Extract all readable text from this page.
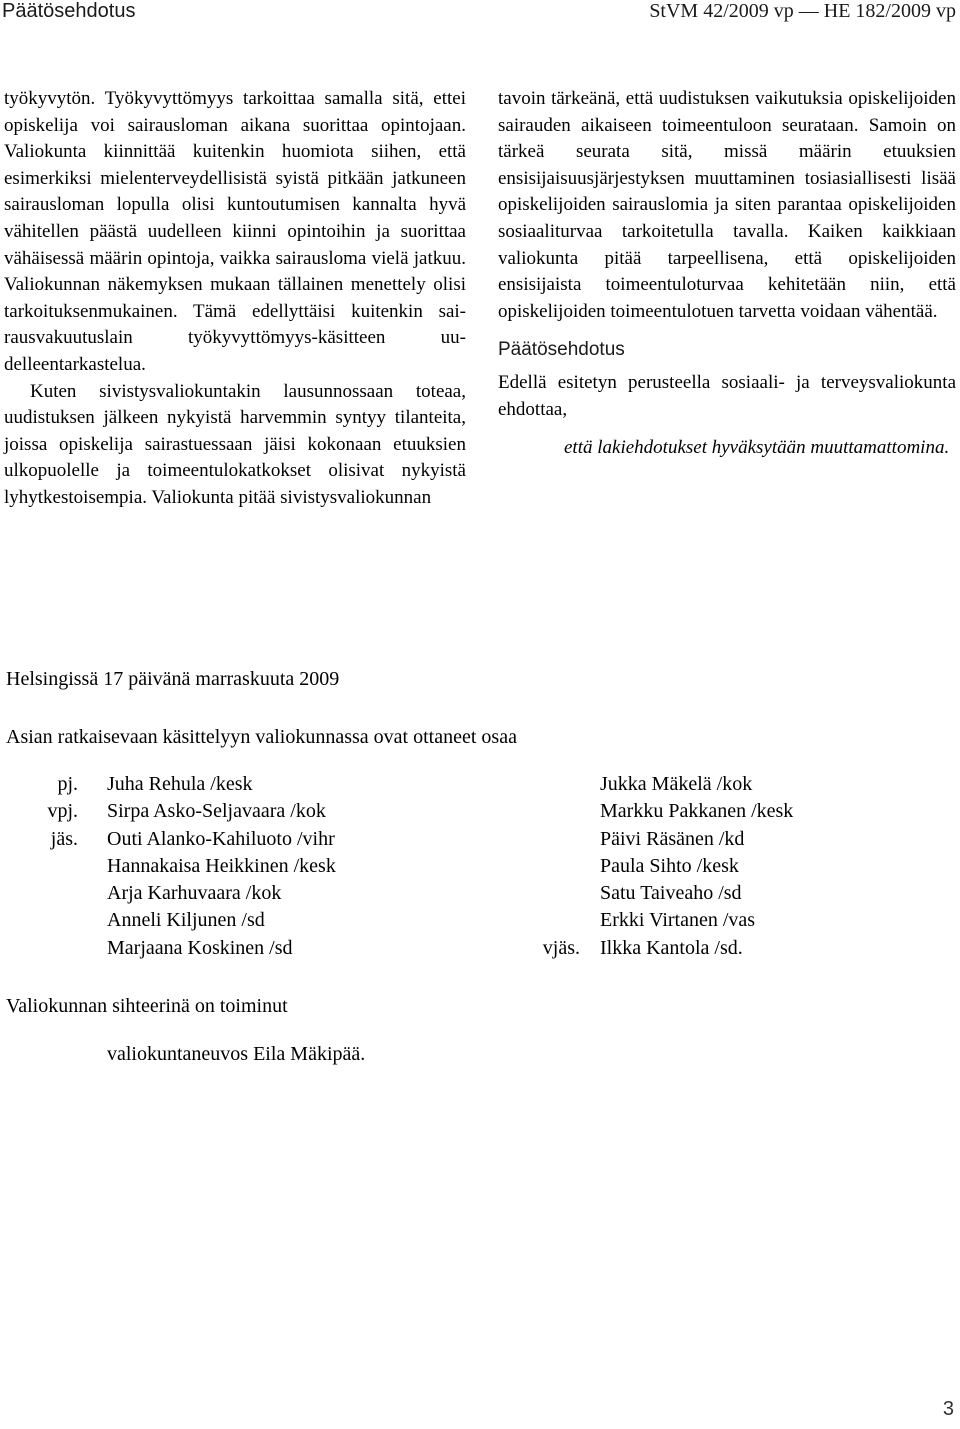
Päätösehdotus	StVM 42/2009 vp — HE 182/2009 vp

työkyvytön. Työkyvyttömyys tarkoittaa samalla sitä, ettei opiskelija voi sairausloman aikana suorittaa opintojaan. Valiokunta kiinnittää kuitenkin huomiota siihen, että esimerkiksi mielenterveydellisistä syistä pitkään jatkuneen sairausloman lopulla olisi kuntoutumisen kannalta hyvä vähitellen päästä uudelleen kiinni opintoihin ja suorittaa vähäisessä määrin opintoja, vaikka sairausloma vielä jatkuu. Valiokunnan näkemyksen mukaan tällainen menettely olisi tarkoituksenmukainen. Tämä edellyttäisi kuitenkin sairausvakuutuslain työkyvyttömyys-käsitteen uudelleentarkastelua.

Kuten sivistysvaliokuntakin lausunnossaan toteaa, uudistuksen jälkeen nykyistä harvemmin syntyy tilanteita, joissa opiskelija sairastuessaan jäisi kokonaan etuuksien ulkopuolelle ja toimeentulokatkokset olisivat nykyistä lyhytkestoisempia. Valiokunta pitää sivistysvaliokunnan

tavoin tärkeänä, että uudistuksen vaikutuksia opiskelijoiden sairauden aikaiseen toimeentuloon seurataan. Samoin on tärkeä seurata sitä, missä määrin etuuksien ensisijaisuusjärjestyksen muuttaminen tosiasiallisesti lisää opiskelijoiden sairauslomia ja siten parantaa opiskelijoiden sosiaaliturvaa tarkoitetulla tavalla. Kaiken kaikkiaan valiokunta pitää tarpeellisena, että opiskelijoiden ensisijaista toimeentuloturvaa kehitetään niin, että opiskelijoiden toimeentulotuen tarvetta voidaan vähentää.

Päätösehdotus

Edellä esitetyn perusteella sosiaali- ja terveysvaliokunta ehdottaa,

että lakiehdotukset hyväksytään muuttamattomina.

Helsingissä 17 päivänä marraskuuta 2009
Asian ratkaisevaan käsittelyyn valiokunnassa ovat ottaneet osaa
pj. Juha Rehula /kesk
vpj. Sirpa Asko-Seljavaara /kok
jäs. Outi Alanko-Kahiluoto /vihr
Hannakaisa Heikkinen /kesk
Arja Karhuvaara /kok
Anneli Kiljunen /sd
Marjaana Koskinen /sd
Jukka Mäkelä /kok
Markku Pakkanen /kesk
Päivi Räsänen /kd
Paula Sihto /kesk
Satu Taiveaho /sd
Erkki Virtanen /vas
vjäs. Ilkka Kantola /sd.
Valiokunnan sihteerinä on toiminut
valiokuntaneuvos Eila Mäkipää.
3
